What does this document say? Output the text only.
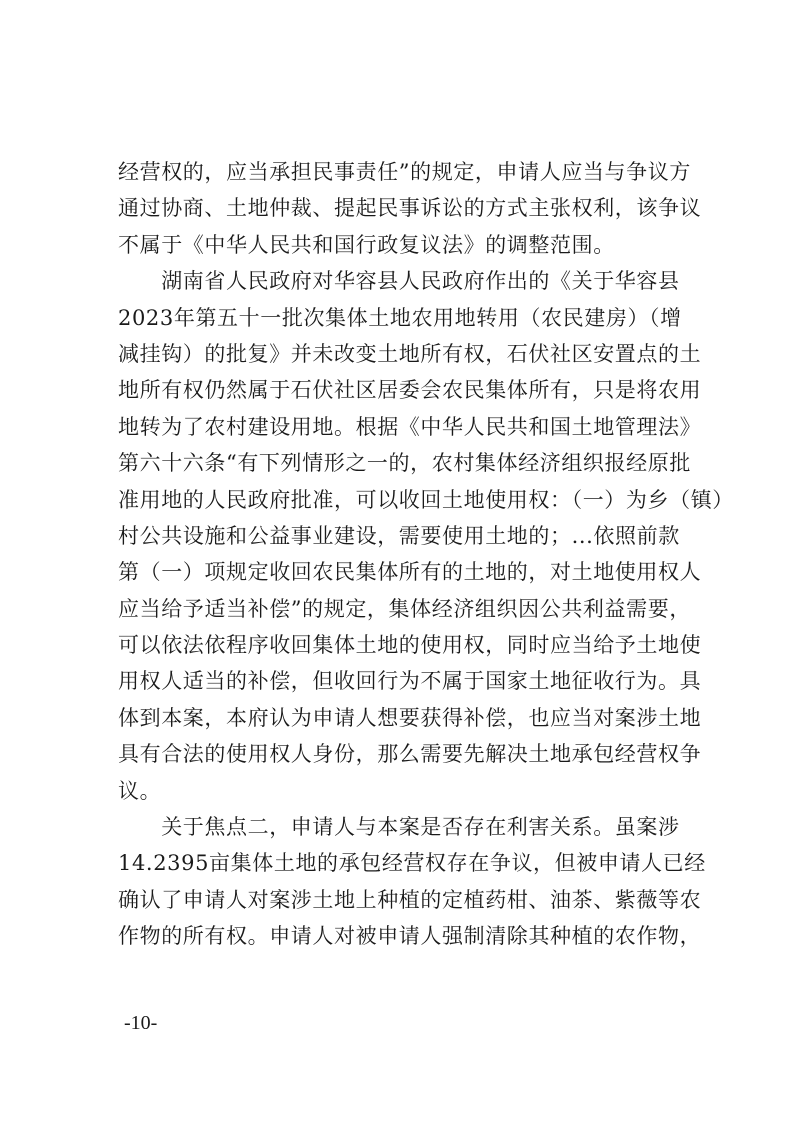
经营权的，应当承担民事责任”的规定，申请人应当与争议方
通过协商、土地仲裁、提起民事诉讼的方式主张权利，该争议
不属于《中华人民共和国行政复议法》的调整范围。
　　湖南省人民政府对华容县人民政府作出的《关于华容县
2023年第五十一批次集体土地农用地转用（农民建房）（增
减挂钩）的批复》并未改变土地所有权，石伏社区安置点的土
地所有权仍然属于石伏社区居委会农民集体所有，只是将农用
地转为了农村建设用地。根据《中华人民共和国土地管理法》
第六十六条“有下列情形之一的，农村集体经济组织报经原批
准用地的人民政府批准，可以收回土地使用权：（一）为乡（镇）
村公共设施和公益事业建设，需要使用土地的；...依照前款
第（一）项规定收回农民集体所有的土地的，对土地使用权人
应当给予适当补偿”的规定，集体经济组织因公共利益需要，
可以依法依程序收回集体土地的使用权，同时应当给予土地使
用权人适当的补偿，但收回行为不属于国家土地征收行为。具
体到本案，本府认为申请人想要获得补偿，也应当对案涉土地
具有合法的使用权人身份，那么需要先解决土地承包经营权争
议。
　　关于焦点二，申请人与本案是否存在利害关系。虽案涉
14.2395亩集体土地的承包经营权存在争议，但被申请人已经
确认了申请人对案涉土地上种植的定植药柑、油茶、紫薇等农
作物的所有权。申请人对被申请人强制清除其种植的农作物，
-10-
